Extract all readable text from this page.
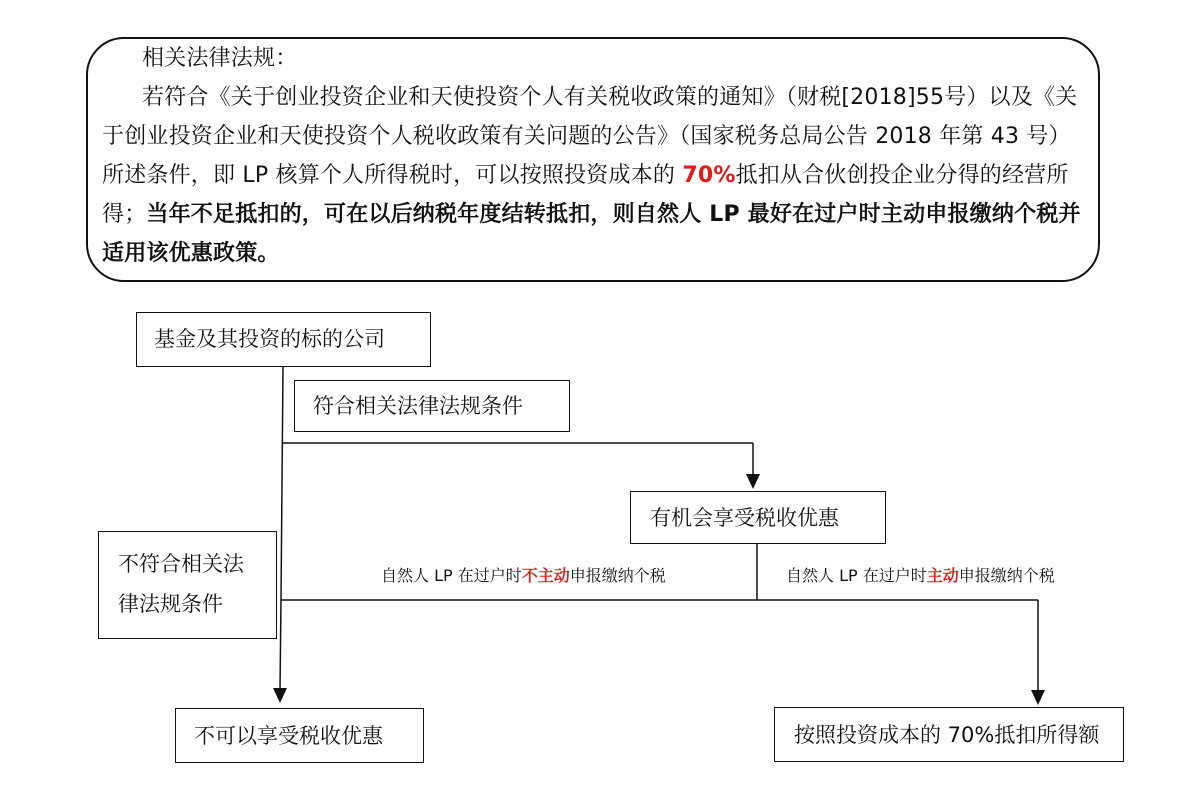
相关法律法规：

若符合《关于创业投资企业和天使投资个人有关税收政策的通知》（财税[2018]55号）以及《关于创业投资企业和天使投资个人税收政策有关问题的公告》（国家税务总局公告 2018 年第 43 号）所述条件，即 LP 核算个人所得税时，可以按照投资成本的 70%抵扣从合伙创投企业分得的经营所得；当年不足抵扣的，可在以后纳税年度结转抵扣，则自然人 LP 最好在过户时主动申报缴纳个税并适用该优惠政策。

基金及其投资的标的公司
符合相关法律法规条件
有机会享受税收优惠
不符合相关法
律法规条件
不可以享受税收优惠	按照投资成本的 70%抵扣所得额
自然人 LP 在过户时不主动申报缴纳个税	自然人 LP 在过户时主动申报缴纳个税
